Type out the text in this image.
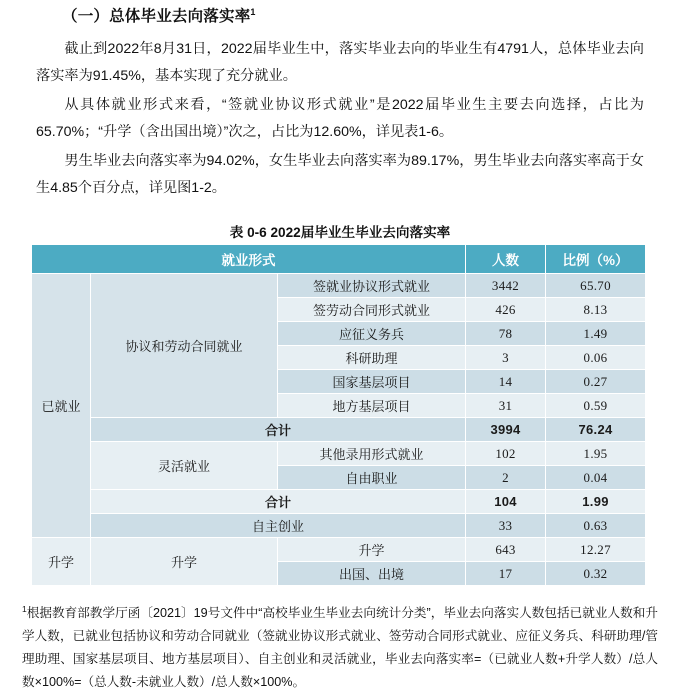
（一）总体毕业去向落实率$^1$

截止到2022年8月31日，2022届毕业生中，落实毕业去向的毕业生有4791人，总体毕业去向落实率为91.45%，基本实现了充分就业。

从具体就业形式来看，“签就业协议形式就业”是2022届毕业生主要去向选择，占比为65.70%；“升学（含出国出境）”次之，占比为12.60%，详见表1-6。

男生毕业去向落实率为94.02%，女生毕业去向落实率为89.17%，男生毕业去向落实率高于女生4.85个百分点，详见图1-2。

表 0-6 2022届毕业生毕业去向落实率
就业形式			人数	比例（%）
已就业	协议和劳动合同就业	签就业协议形式就业	3442	65.70
		签劳动合同形式就业	426	8.13
		应征义务兵	78	1.49
		科研助理	3	0.06
		国家基层项目	14	0.27
		地方基层项目	31	0.59
	合计		3994	76.24
	灵活就业	其他录用形式就业	102	1.95
		自由职业	2	0.04
	合计		104	1.99
	自主创业		33	0.63
升学	升学	升学	643	12.27
		出国、出境	17	0.32
$^1$根据教育部教学厅函〔2021〕19号文件中“高校毕业生毕业去向统计分类”，毕业去向落实人数包括已就业人数和升学人数，已就业包括协议和劳动合同就业（签就业协议形式就业、签劳动合同形式就业、应征义务兵、科研助理/管理助理、国家基层项目、地方基层项目）、自主创业和灵活就业，毕业去向落实率=（已就业人数+升学人数）/总人数×100%=（总人数-未就业人数）/总人数×100%。
